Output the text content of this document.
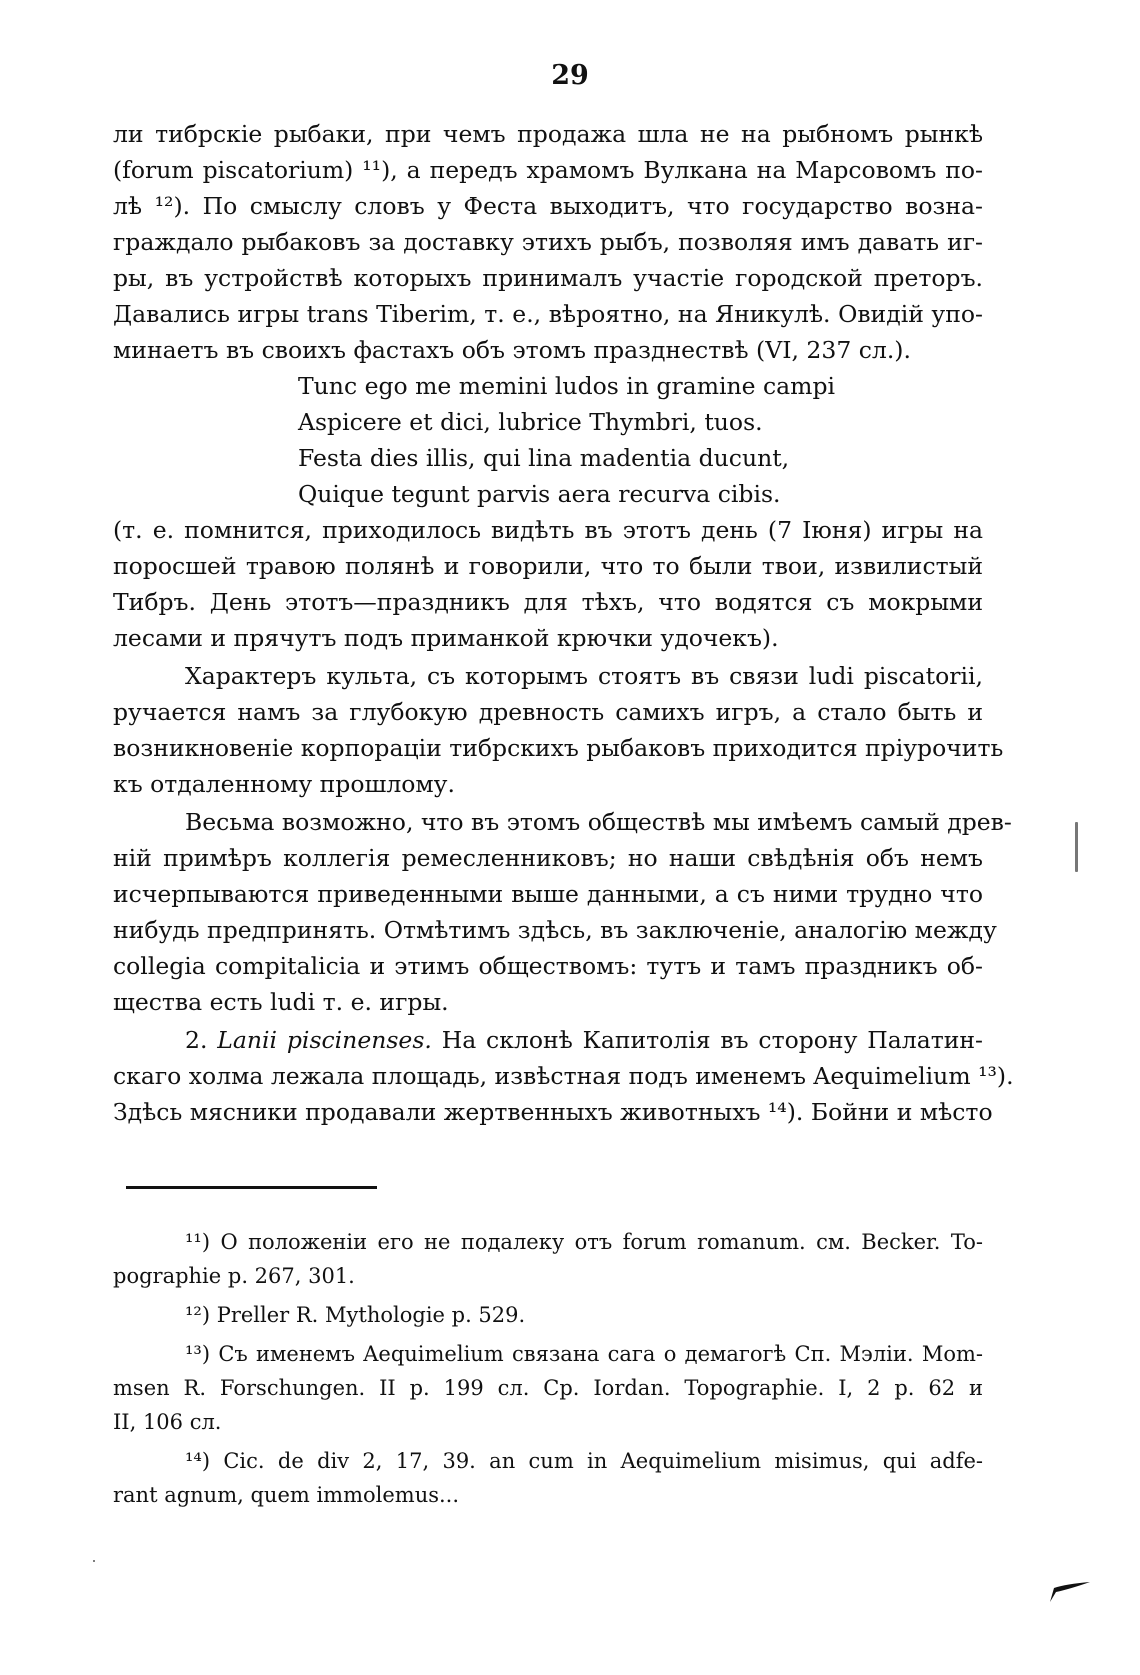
29
ли тибрскіе рыбаки, при чемъ продажа шла не на рыбномъ рынкѣ
(forum piscatorium) ¹¹), а передъ храмомъ Вулкана на Марсовомъ по-
лѣ ¹²). По смыслу словъ у Феста выходитъ, что государство возна-
граждало рыбаковъ за доставку этихъ рыбъ, позволяя имъ давать иг-
ры, въ устройствѣ которыхъ принималъ участіе городской преторъ.
Давались игры trans Tiberim, т. е., вѣроятно, на Яникулѣ. Овидій упо-
минаетъ въ своихъ фастахъ объ этомъ празднествѣ (VI, 237 сл.).
Tunc ego me memini ludos in gramine campi
Aspicere et dici, lubrice Thymbri, tuos.
Festa dies illis, qui lina madentia ducunt,
Quique tegunt parvis aera recurva cibis.
(т. е. помнится, приходилось видѣть въ этотъ день (7 Іюня) игры на
поросшей травою полянѣ и говорили, что то были твои, извилистый
Тибръ. День этотъ—праздникъ для тѣхъ, что водятся съ мокрыми
лесами и прячутъ подъ приманкой крючки удочекъ).
Характеръ культа, съ которымъ стоятъ въ связи ludi piscatorii,
ручается намъ за глубокую древность самихъ игръ, а стало быть и
возникновеніе корпораціи тибрскихъ рыбаковъ приходится пріурочить
къ отдаленному прошлому.
Весьма возможно, что въ этомъ обществѣ мы имѣемъ самый древ-
ній примѣръ коллегія ремесленниковъ; но наши свѣдѣнія объ немъ
исчерпываются приведенными выше данными, а съ ними трудно что
нибудь предпринять. Отмѣтимъ здѣсь, въ заключеніе, аналогію между
collegia compitalicia и этимъ обществомъ: тутъ и тамъ праздникъ об-
щества есть ludi т. е. игры.
2. Lanii piscinenses. На склонѣ Капитолія въ сторону Палатин-
скаго холма лежала площадь, извѣстная подъ именемъ Aequimelium ¹³).
Здѣсь мясники продавали жертвенныхъ животныхъ ¹⁴). Бойни и мѣсто
¹¹) О положеніи его не подалеку отъ forum romanum. см. Becker. To-
pographie p. 267, 301.
¹²) Preller R. Mythologie p. 529.
¹³) Съ именемъ Aequimelium связана сага о демагогѣ Сп. Мэліи. Mom-
msen R. Forschungen. II p. 199 сл. Ср. Iordan. Topographie. I, 2 p. 62 и
II, 106 сл.
¹⁴) Cic. de div 2, 17, 39. an cum in Aequimelium misimus, qui adfe-
rant agnum, quem immolemus...
